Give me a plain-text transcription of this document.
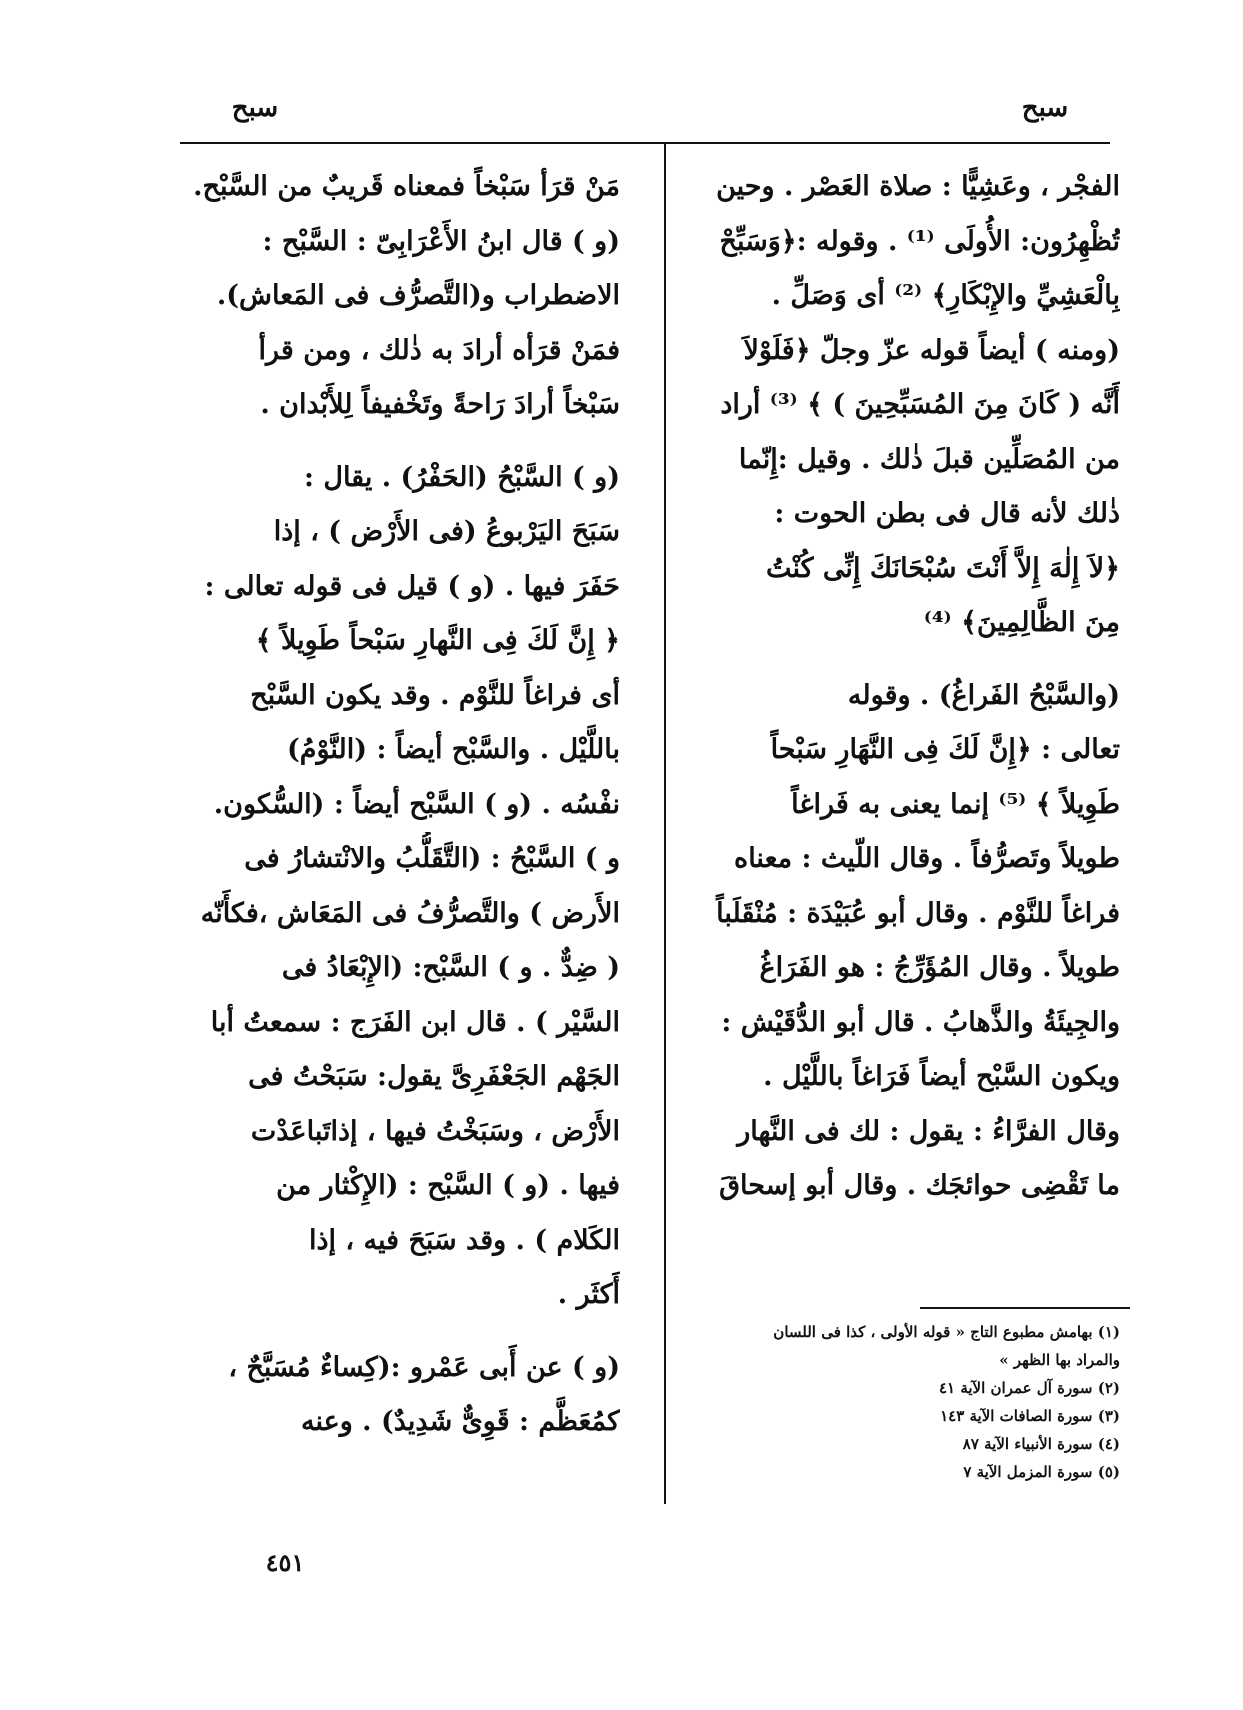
سبح
سبح
الفجْر ، وعَشِيًّا : صلاة العَصْر . وحين
تُظْهِرُون: الأُولَى ⁽¹⁾ . وقوله :﴿وَسَبِّحْ
بِالْعَشِيِّ والإِبْكَارِ﴾ ⁽²⁾ أى وَصَلِّ .
(ومنه ) أيضاً قوله عزّ وجلّ ﴿فَلَوْلاَ
أَنَّه ( كَانَ مِنَ المُسَبِّحِينَ ) ﴾ ⁽³⁾ أراد
من المُصَلِّين قبلَ ذٰلك . وقيل :إِنّما
ذٰلك لأنه قال فى بطن الحوت :
﴿لاَ إِلٰهَ إِلاَّ أَنْتَ سُبْحَانَكَ إِنِّى كُنْتُ
مِنَ الظَّالِمِينَ﴾ ⁽⁴⁾
(والسَّبْحُ الفَراغُ) . وقوله
تعالى : ﴿إِنَّ لَكَ فِى النَّهَارِ سَبْحاً
طَوِيلاً ﴾ ⁽⁵⁾ إنما يعنى به فَراغاً
طويلاً وتَصرُّفاً . وقال اللّيث : معناه
فراغاً للنَّوْم . وقال أبو عُبَيْدَة : مُنْقَلَباً
طويلاً . وقال المُؤَرِّجُ : هو الفَرَاغُ
والجِيئَةُ والذَّهابُ . قال أبو الدُّقَيْش :
ويكون السَّبْح أيضاً فَرَاغاً باللَّيْل .
وقال الفرَّاءُ : يقول : لك فى النَّهار
ما تَقْضِى حوائجَك . وقال أبو إسحاقَ
(١) بهامش مطبوع التاج « قوله الأولى ، كذا فى اللسان
والمراد بها الظهر »
(٢) سورة آل عمران الآية ٤١
(٣) سورة الصافات الآية ١٤٣
(٤) سورة الأنبياء الآية ٨٧
(٥) سورة المزمل الآية ٧
مَنْ قرَأ سَبْخاً فمعناه قَريبٌ من السَّبْح.
(و ) قال ابنُ الأَعْرَابِىّ : السَّبْح :
الاضطراب و(التَّصرُّف فى المَعاش).
فمَنْ قرَأه أرادَ به ذٰلك ، ومن قرأ
سَبْخاً أرادَ رَاحةً وتَخْفيفاً لِلأَبْدان .
(و ) السَّبْحُ (الحَفْرُ) . يقال :
سَبَحَ اليَرْبوعُ (فى الأَرْض ) ، إذا
حَفَرَ فيها . (و ) قيل فى قوله تعالى :
﴿ إِنَّ لَكَ فِى النَّهارِ سَبْحاً طَوِيلاً ﴾
أى فراغاً للنَّوْم . وقد يكون السَّبْح
باللَّيْل . والسَّبْح أيضاً : (النَّوْمُ)
نفْسُه . (و ) السَّبْح أيضاً : (السُّكون.
و ) السَّبْحُ : (التَّقَلُّبُ والانْتشارُ فى
الأَرض ) والتَّصرُّفُ فى المَعَاش ،فكأَنّه
( ضِدٌّ . و ) السَّبْح: (الإِبْعَادُ فى
السَّيْر ) . قال ابن الفَرَج : سمعتُ أبا
الجَهْم الجَعْفَرِىَّ يقول: سَبَحْتُ فى
الأَرْض ، وسَبَخْتُ فيها ، إذاتَباعَدْت
فيها . (و ) السَّبْح : (الإِكْثار من
الكَلام ) . وقد سَبَحَ فيه ، إذا
أَكثَر .
(و ) عن أَبى عَمْرو :(كِساءٌ مُسَبَّحٌ ،
كمُعَظَّم : قَوِىٌّ شَدِيدٌ) . وعنه
٤٥١
